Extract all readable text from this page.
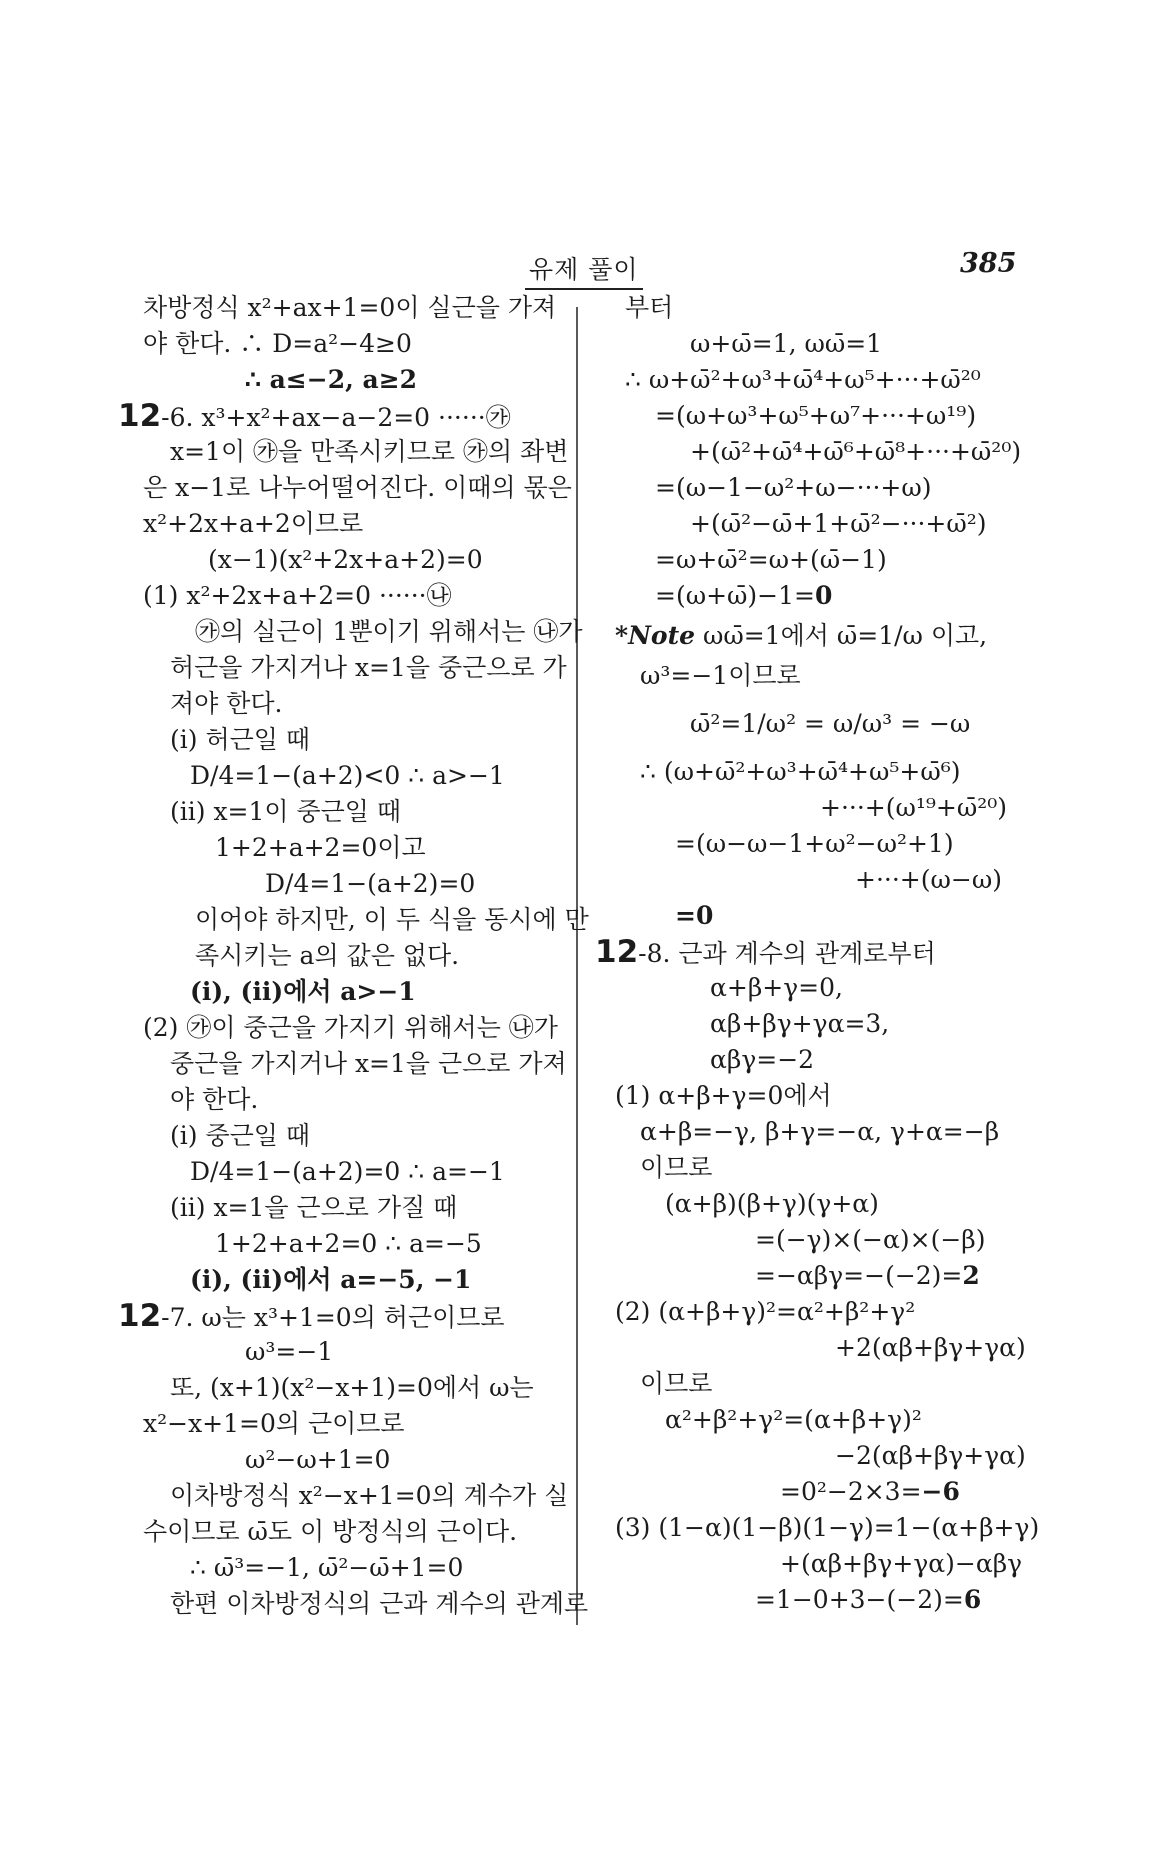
유제 풀이	385
차방정식 x²+ax+1=0이 실근을 가져
야 한다. ∴ D=a²−4≥0
∴ a≤−2, a≥2
12-6. x³+x²+ax−a−2=0 ······㉮
x=1이 ㉮을 만족시키므로 ㉮의 좌변
은 x−1로 나누어떨어진다. 이때의 몫은
x²+2x+a+2이므로
(x−1)(x²+2x+a+2)=0
(1) x²+2x+a+2=0 ······㉯
㉮의 실근이 1뿐이기 위해서는 ㉯가
허근을 가지거나 x=1을 중근으로 가
져야 한다.
(ⅰ) 허근일 때
D/4=1−(a+2)<0 ∴ a>−1
(ⅱ) x=1이 중근일 때
1+2+a+2=0이고
D/4=1−(a+2)=0
이어야 하지만, 이 두 식을 동시에 만
족시키는 a의 값은 없다.
(ⅰ), (ⅱ)에서 a>−1
(2) ㉮이 중근을 가지기 위해서는 ㉯가
중근을 가지거나 x=1을 근으로 가져
야 한다.
(ⅰ) 중근일 때
D/4=1−(a+2)=0 ∴ a=−1
(ⅱ) x=1을 근으로 가질 때
1+2+a+2=0 ∴ a=−5
(ⅰ), (ⅱ)에서 a=−5, −1
12-7. ω는 x³+1=0의 허근이므로
ω³=−1
또, (x+1)(x²−x+1)=0에서 ω는
x²−x+1=0의 근이므로
ω²−ω+1=0
이차방정식 x²−x+1=0의 계수가 실
수이므로 ω̄도 이 방정식의 근이다.
∴ ω̄³=−1, ω̄²−ω̄+1=0
한편 이차방정식의 근과 계수의 관계로
부터
ω+ω̄=1, ωω̄=1
∴ ω+ω̄²+ω³+ω̄⁴+ω⁵+···+ω̄²⁰
=(ω+ω³+ω⁵+ω⁷+···+ω¹⁹)
+(ω̄²+ω̄⁴+ω̄⁶+ω̄⁸+···+ω̄²⁰)
=(ω−1−ω²+ω−···+ω)
+(ω̄²−ω̄+1+ω̄²−···+ω̄²)
=ω+ω̄²=ω+(ω̄−1)
=(ω+ω̄)−1=0
*Note ωω̄=1에서 ω̄=1/ω 이고,
ω³=−1이므로
ω̄²=1/ω² = ω/ω³ = −ω
∴ (ω+ω̄²+ω³+ω̄⁴+ω⁵+ω̄⁶)
+···+(ω¹⁹+ω̄²⁰)
=(ω−ω−1+ω²−ω²+1)
+···+(ω−ω)
=0
12-8. 근과 계수의 관계로부터
α+β+γ=0,
αβ+βγ+γα=3,
αβγ=−2
(1) α+β+γ=0에서
α+β=−γ, β+γ=−α, γ+α=−β
이므로
(α+β)(β+γ)(γ+α)
=(−γ)×(−α)×(−β)
=−αβγ=−(−2)=2
(2) (α+β+γ)²=α²+β²+γ²
+2(αβ+βγ+γα)
이므로
α²+β²+γ²=(α+β+γ)²
−2(αβ+βγ+γα)
=0²−2×3=−6
(3) (1−α)(1−β)(1−γ)=1−(α+β+γ)
+(αβ+βγ+γα)−αβγ
=1−0+3−(−2)=6
